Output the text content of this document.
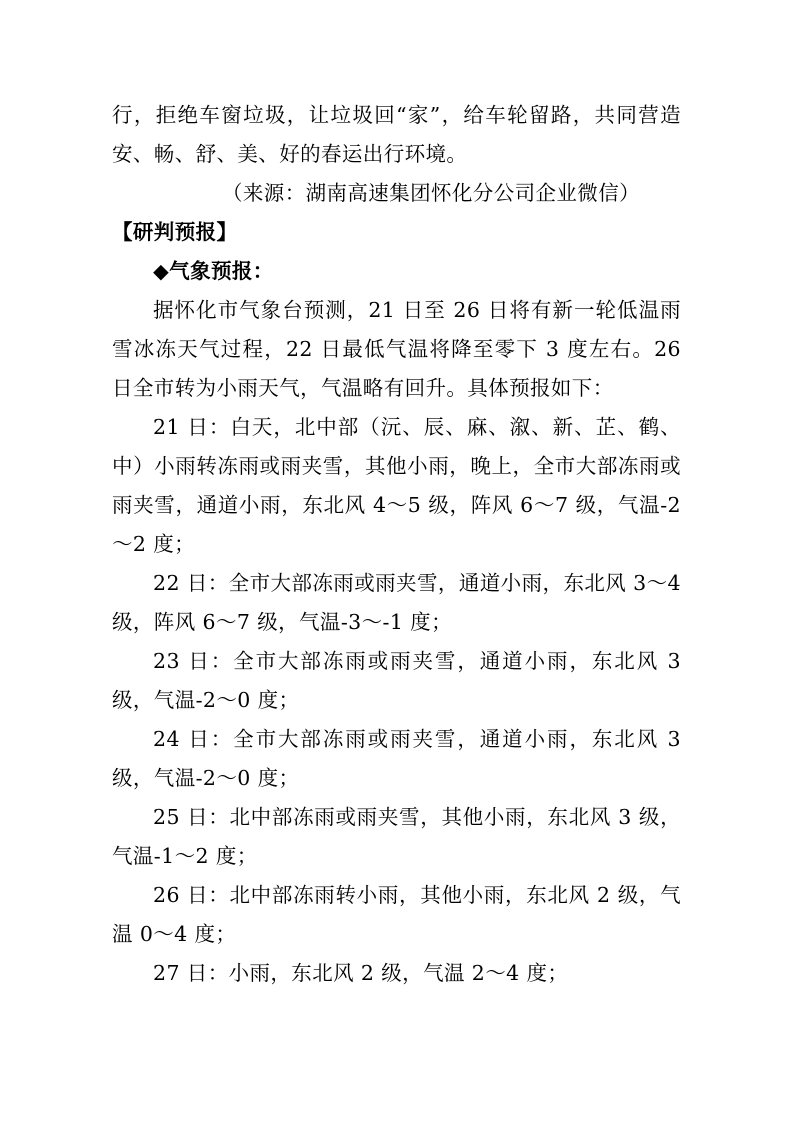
行，拒绝车窗垃圾，让垃圾回“家”，给车轮留路，共同营造安、畅、舒、美、好的春运出行环境。

（来源：湖南高速集团怀化分公司企业微信）

【研判预报】

◆气象预报：

据怀化市气象台预测，21 日至 26 日将有新一轮低温雨雪冰冻天气过程，22 日最低气温将降至零下 3 度左右。26 日全市转为小雨天气，气温略有回升。具体预报如下：

21 日：白天，北中部（沅、辰、麻、溆、新、芷、鹤、中）小雨转冻雨或雨夹雪，其他小雨，晚上，全市大部冻雨或雨夹雪，通道小雨，东北风 4～5 级，阵风 6～7 级，气温-2～2 度；

22 日：全市大部冻雨或雨夹雪，通道小雨，东北风 3～4 级，阵风 6～7 级，气温-3～-1 度；

23 日：全市大部冻雨或雨夹雪，通道小雨，东北风 3 级，气温-2～0 度；

24 日：全市大部冻雨或雨夹雪，通道小雨，东北风 3 级，气温-2～0 度；

25 日：北中部冻雨或雨夹雪，其他小雨，东北风 3 级，气温-1～2 度；

26 日：北中部冻雨转小雨，其他小雨，东北风 2 级，气温 0～4 度；

27 日：小雨，东北风 2 级，气温 2～4 度；
